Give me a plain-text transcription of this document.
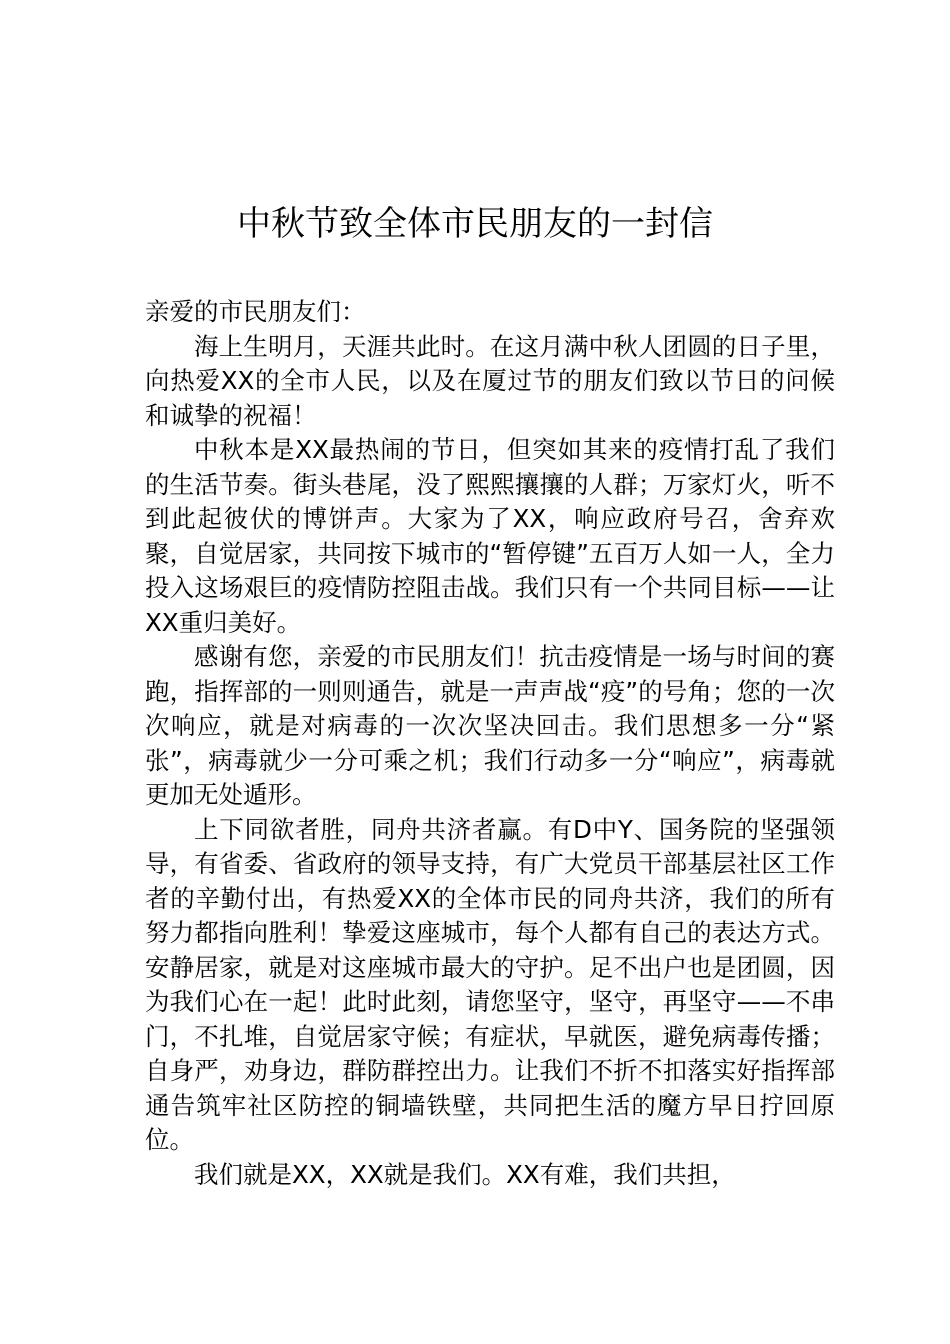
中秋节致全体市民朋友的一封信

亲爱的市民朋友们：

海上生明月，天涯共此时。在这月满中秋人团圆的日子里，向热爱XX的全市人民，以及在厦过节的朋友们致以节日的问候和诚挚的祝福！

中秋本是XX最热闹的节日，但突如其来的疫情打乱了我们的生活节奏。街头巷尾，没了熙熙攘攘的人群；万家灯火，听不到此起彼伏的博饼声。大家为了XX，响应政府号召，舍弃欢聚，自觉居家，共同按下城市的“暂停键”五百万人如一人，全力投入这场艰巨的疫情防控阻击战。我们只有一个共同目标——让XX重归美好。

感谢有您，亲爱的市民朋友们！抗击疫情是一场与时间的赛跑，指挥部的一则则通告，就是一声声战“疫”的号角；您的一次次响应，就是对病毒的一次次坚决回击。我们思想多一分“紧张”，病毒就少一分可乘之机；我们行动多一分“响应”，病毒就更加无处遁形。

上下同欲者胜，同舟共济者赢。有D中Y、国务院的坚强领导，有省委、省政府的领导支持，有广大党员干部基层社区工作者的辛勤付出，有热爱XX的全体市民的同舟共济，我们的所有努力都指向胜利！挚爱这座城市，每个人都有自己的表达方式。安静居家，就是对这座城市最大的守护。足不出户也是团圆，因为我们心在一起！此时此刻，请您坚守，坚守，再坚守——不串门，不扎堆，自觉居家守候；有症状，早就医，避免病毒传播；自身严，劝身边，群防群控出力。让我们不折不扣落实好指挥部通告筑牢社区防控的铜墙铁壁，共同把生活的魔方早日拧回原位。

我们就是XX，XX就是我们。XX有难，我们共担，
